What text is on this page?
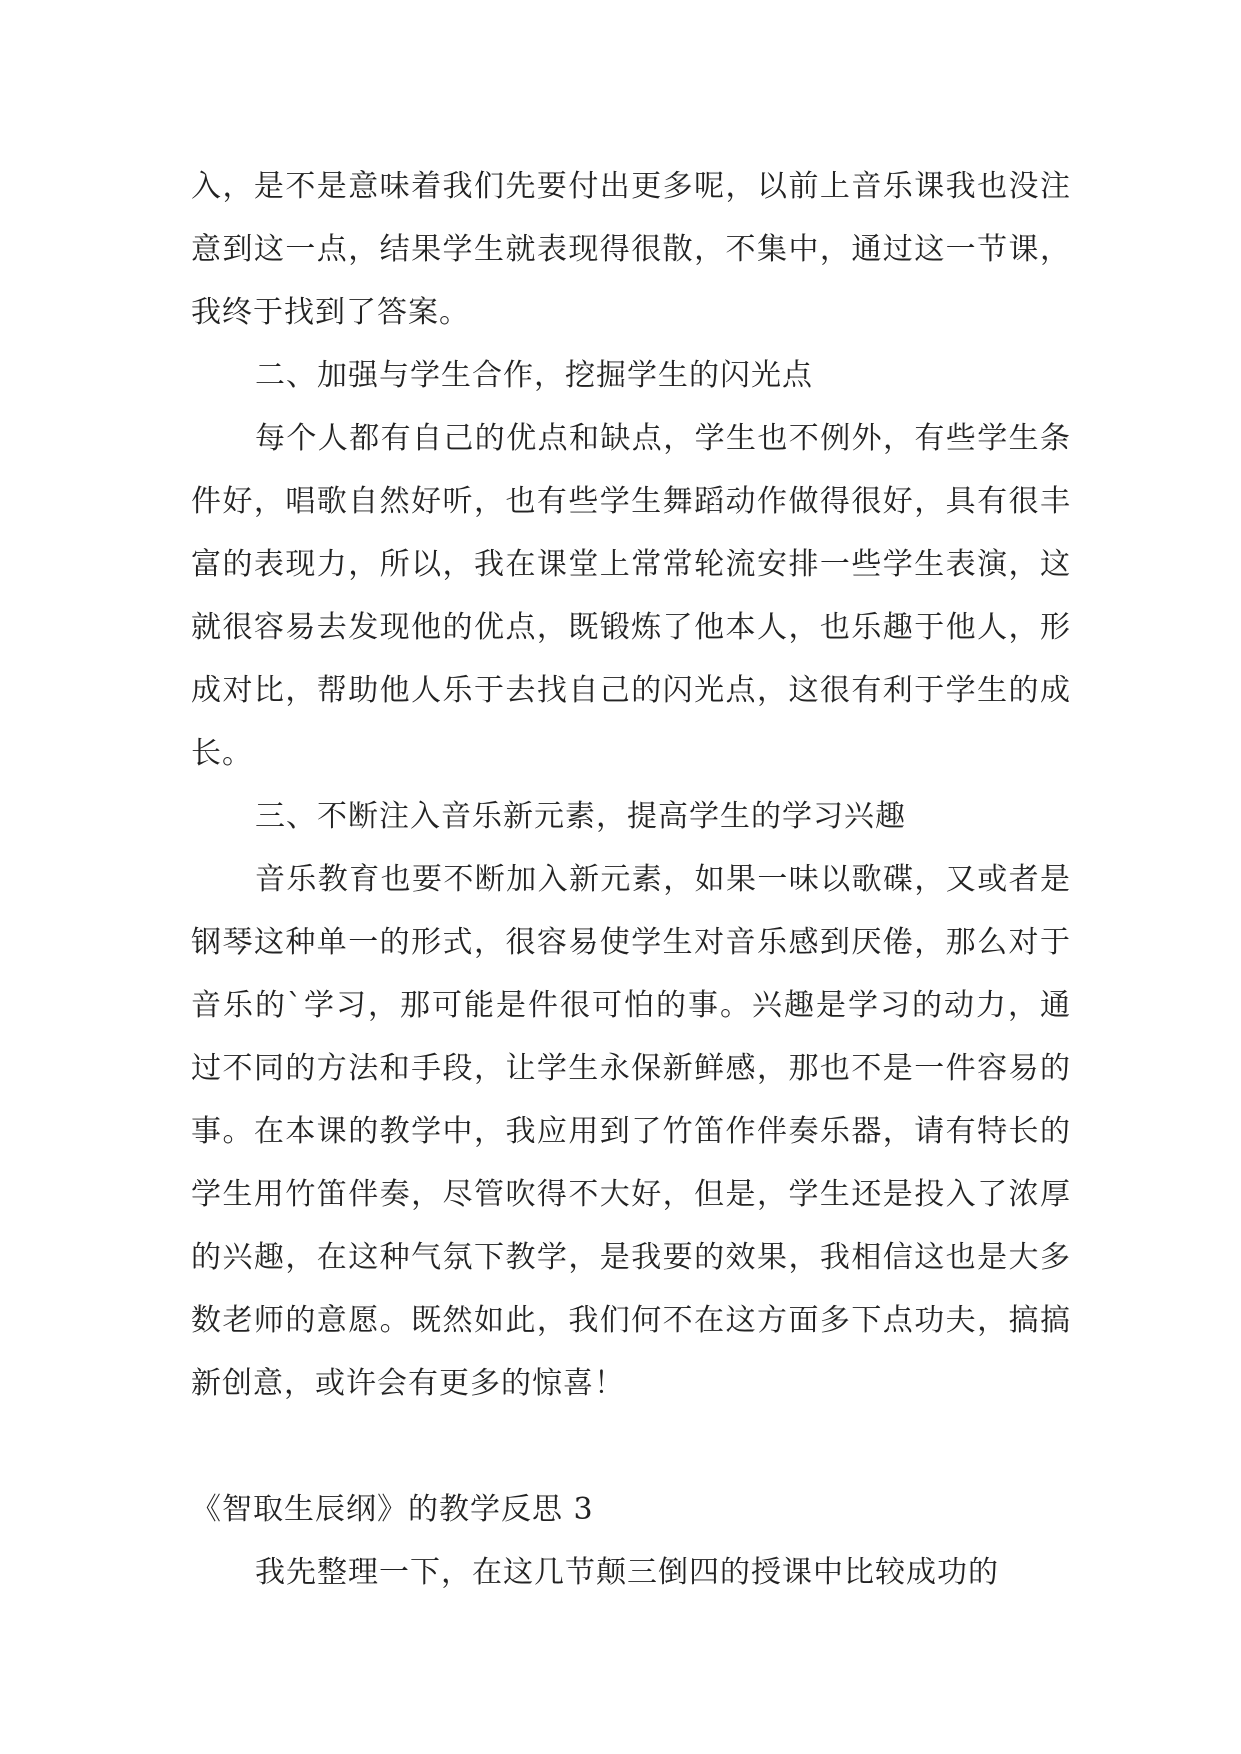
入，是不是意味着我们先要付出更多呢，以前上音乐课我也没注意到这一点，结果学生就表现得很散，不集中，通过这一节课，我终于找到了答案。

二、加强与学生合作，挖掘学生的闪光点

每个人都有自己的优点和缺点，学生也不例外，有些学生条件好，唱歌自然好听，也有些学生舞蹈动作做得很好，具有很丰富的表现力，所以，我在课堂上常常轮流安排一些学生表演，这就很容易去发现他的优点，既锻炼了他本人，也乐趣于他人，形成对比，帮助他人乐于去找自己的闪光点，这很有利于学生的成长。

三、不断注入音乐新元素，提高学生的学习兴趣

音乐教育也要不断加入新元素，如果一味以歌碟，又或者是钢琴这种单一的形式，很容易使学生对音乐感到厌倦，那么对于音乐的`学习，那可能是件很可怕的事。兴趣是学习的动力，通过不同的方法和手段，让学生永保新鲜感，那也不是一件容易的事。在本课的教学中，我应用到了竹笛作伴奏乐器，请有特长的学生用竹笛伴奏，尽管吹得不大好，但是，学生还是投入了浓厚的兴趣，在这种气氛下教学，是我要的效果，我相信这也是大多数老师的意愿。既然如此，我们何不在这方面多下点功夫，搞搞新创意，或许会有更多的惊喜！

《智取生辰纲》的教学反思 3

我先整理一下，在这几节颠三倒四的授课中比较成功的
